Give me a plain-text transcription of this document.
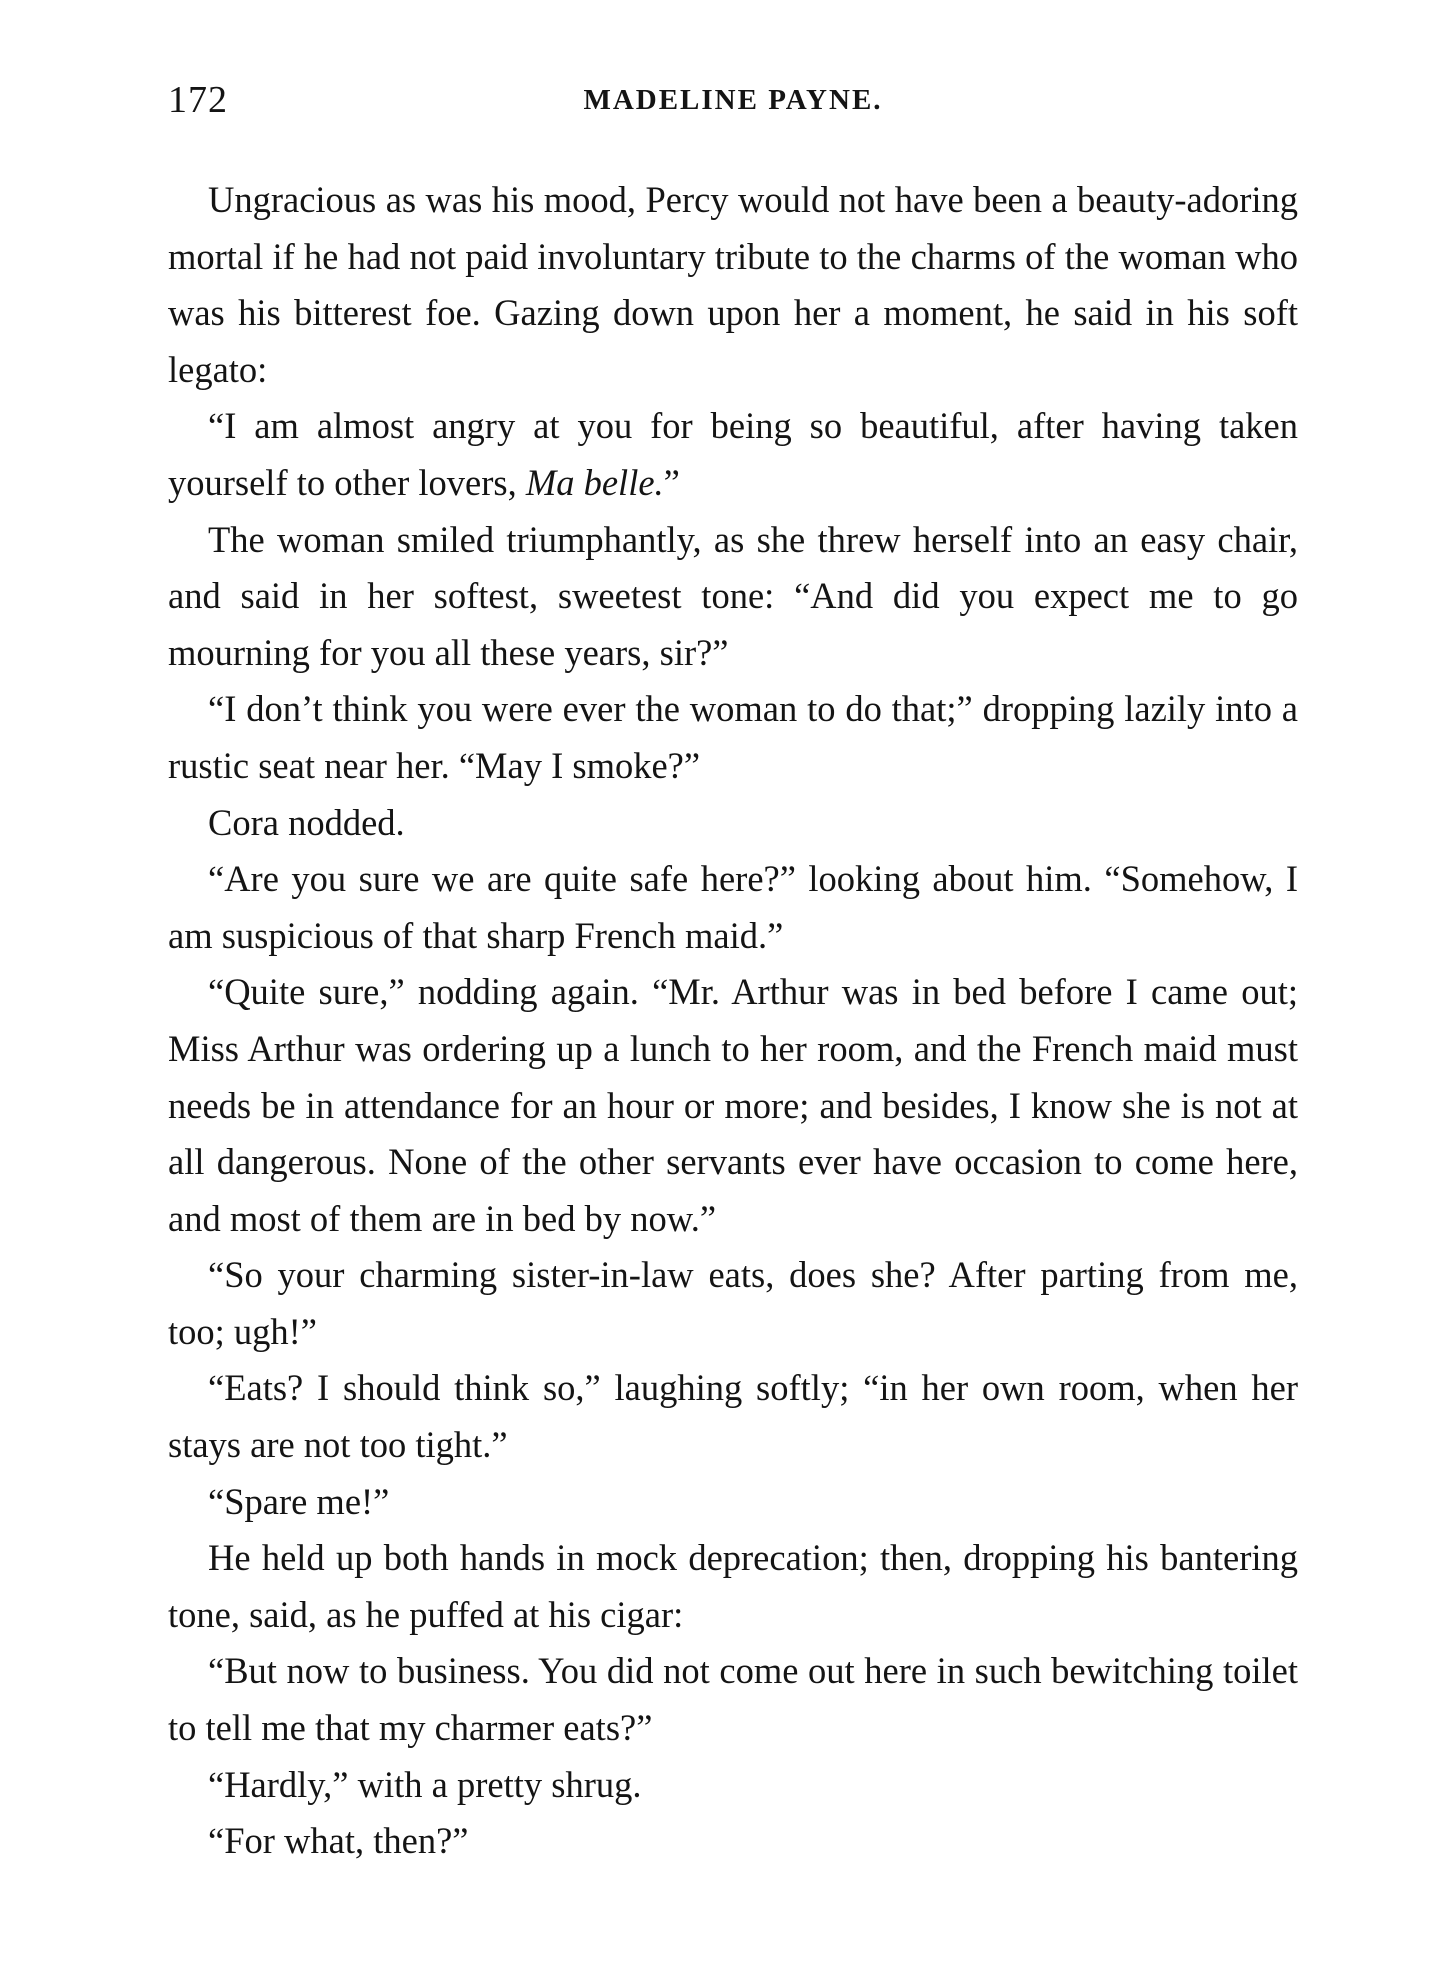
172	MADELINE PAYNE.

Ungracious as was his mood, Percy would not have been a beauty-adoring mortal if he had not paid involuntary tribute to the charms of the woman who was his bitterest foe. Gazing down upon her a moment, he said in his soft legato:

“I am almost angry at you for being so beautiful, after having taken yourself to other lovers, Ma belle.”

The woman smiled triumphantly, as she threw herself into an easy chair, and said in her softest, sweetest tone: “And did you expect me to go mourning for you all these years, sir?”

“I don’t think you were ever the woman to do that;” dropping lazily into a rustic seat near her. “May I smoke?”

Cora nodded.

“Are you sure we are quite safe here?” looking about him. “Somehow, I am suspicious of that sharp French maid.”

“Quite sure,” nodding again. “Mr. Arthur was in bed before I came out; Miss Arthur was ordering up a lunch to her room, and the French maid must needs be in attendance for an hour or more; and besides, I know she is not at all dangerous. None of the other servants ever have occasion to come here, and most of them are in bed by now.”

“So your charming sister-in-law eats, does she? After parting from me, too; ugh!”

“Eats? I should think so,” laughing softly; “in her own room, when her stays are not too tight.”

“Spare me!”

He held up both hands in mock deprecation; then, dropping his bantering tone, said, as he puffed at his cigar:

“But now to business. You did not come out here in such bewitching toilet to tell me that my charmer eats?”

“Hardly,” with a pretty shrug.

“For what, then?”
